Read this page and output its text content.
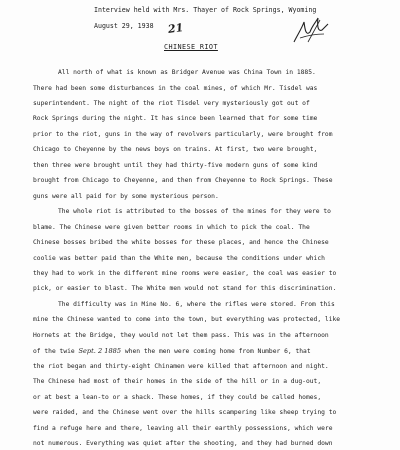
Interview held with Mrs. Thayer of Rock Springs, Wyoming
August 29, 1938 21
CHINESE RIOT
All north of what is known as Bridger Avenue was China Town in 1885.
There had been some disturbances in the coal mines, of which Mr. Tisdel was
superintendent. The night of the riot Tisdel very mysteriously got out of
Rock Springs during the night. It has since been learned that for some time
prior to the riot, guns in the way of revolvers particularly, were brought from
Chicago to Cheyenne by the news boys on trains. At first, two were brought,
then three were brought until they had thirty-five modern guns of some kind
brought from Chicago to Cheyenne, and then from Cheyenne to Rock Springs. These
guns were all paid for by some mysterious person.
The whole riot is attributed to the bosses of the mines for they were to
blame. The Chinese were given better rooms in which to pick the coal. The
Chinese bosses bribed the white bosses for these places, and hence the Chinese
coolie was better paid than the White men, because the conditions under which
they had to work in the different mine rooms were easier, the coal was easier to
pick, or easier to blast. The White men would not stand for this discrimination.
The difficulty was in Mine No. 6, where the rifles were stored. From this
mine the Chinese wanted to come into the town, but everything was protected, like
Hornets at the Bridge, they would not let them pass. This was in the afternoon
of the twie Sept. 2 1885 when the men were coming home from Number 6, that
the riot began and thirty-eight Chinamen were killed that afternoon and night.
The Chinese had most of their homes in the side of the hill or in a dug-out,
or at best a lean-to or a shack. These homes, if they could be called homes,
were raided, and the Chinese went over the hills scampering like sheep trying to
find a refuge here and there, leaving all their earthly possessions, which were
not numerous. Everything was quiet after the shooting, and they had burned down
